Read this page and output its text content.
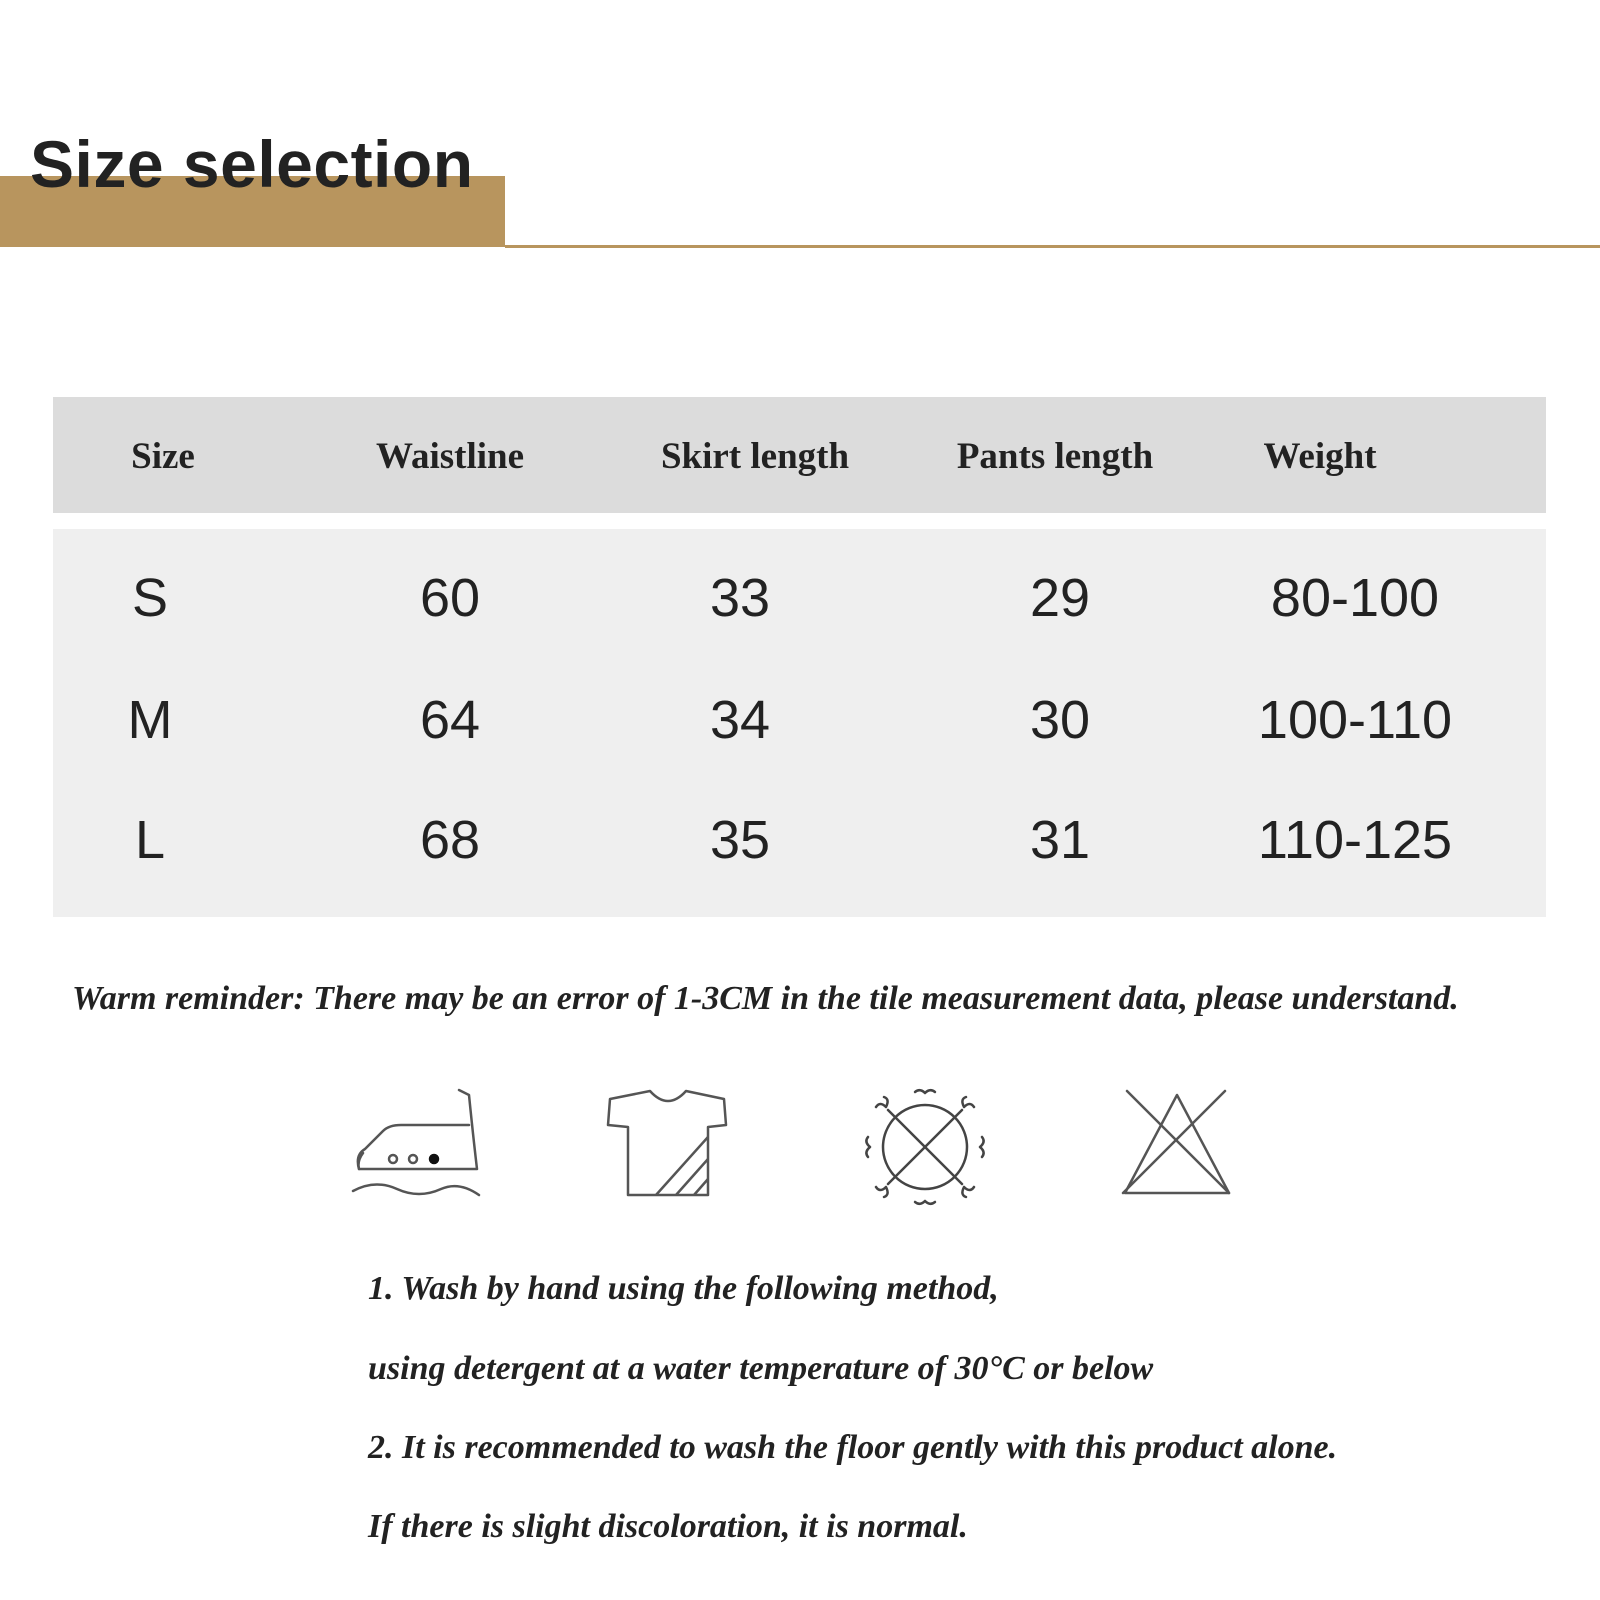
Size selection
Size	Waistline	Skirt length	Pants length	Weight
S	60	33	29	80-100
M	64	34	30	100-110
L	68	35	31	110-125

Warm reminder: There may be an error of 1-3CM in the tile measurement data, please understand.

1. Wash by hand using the following method,

using detergent at a water temperature of 30°C or below

2. It is recommended to wash the floor gently with this product alone.

If there is slight discoloration, it is normal.
